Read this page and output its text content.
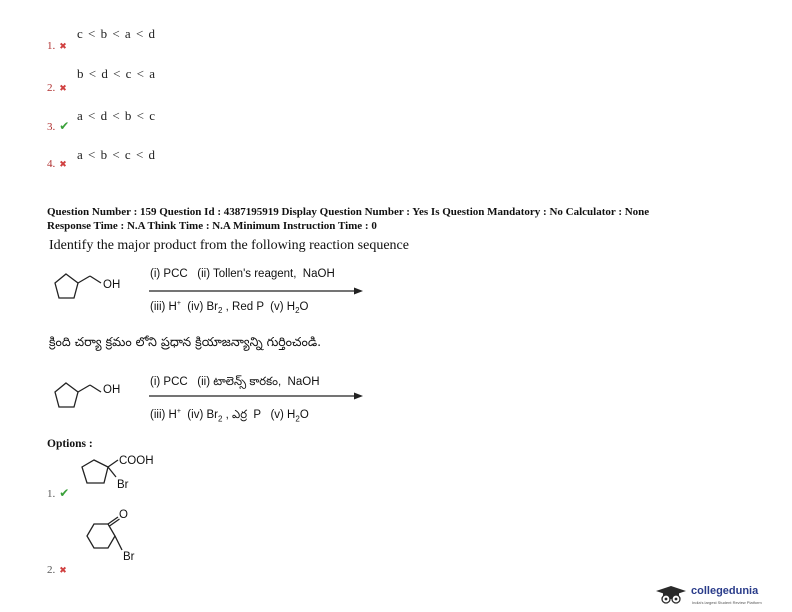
1. ✖
c < b < a < d
2. ✖
b < d < c < a
3. ✔
a < d < b < c
4. ✖
a < b < c < d
Question Number : 159 Question Id : 4387195919 Display Question Number : Yes Is Question Mandatory : No Calculator : None
Response Time : N.A Think Time : N.A Minimum Instruction Time : 0
Identify the major product from the following reaction sequence
OH
(i) PCC   (ii) Tollen's reagent,  NaOH
(iii) H+  (iv) $Br_2$ , Red P  (v) $H_2O$
క్రింది చర్యా క్రమం లోని ప్రధాన క్రియాజన్యాన్ని గుర్తించండి.
OH
(i) PCC   (ii) టాలెన్స్ కారకం,  NaOH
(iii) H+  (iv) $Br_2$ , ఎర్ర  P   (v) $H_2O$
Options :
COOH
Br
1. ✔
O
Br
2. ✖
collegedunia
India's largest Student Review Platform
